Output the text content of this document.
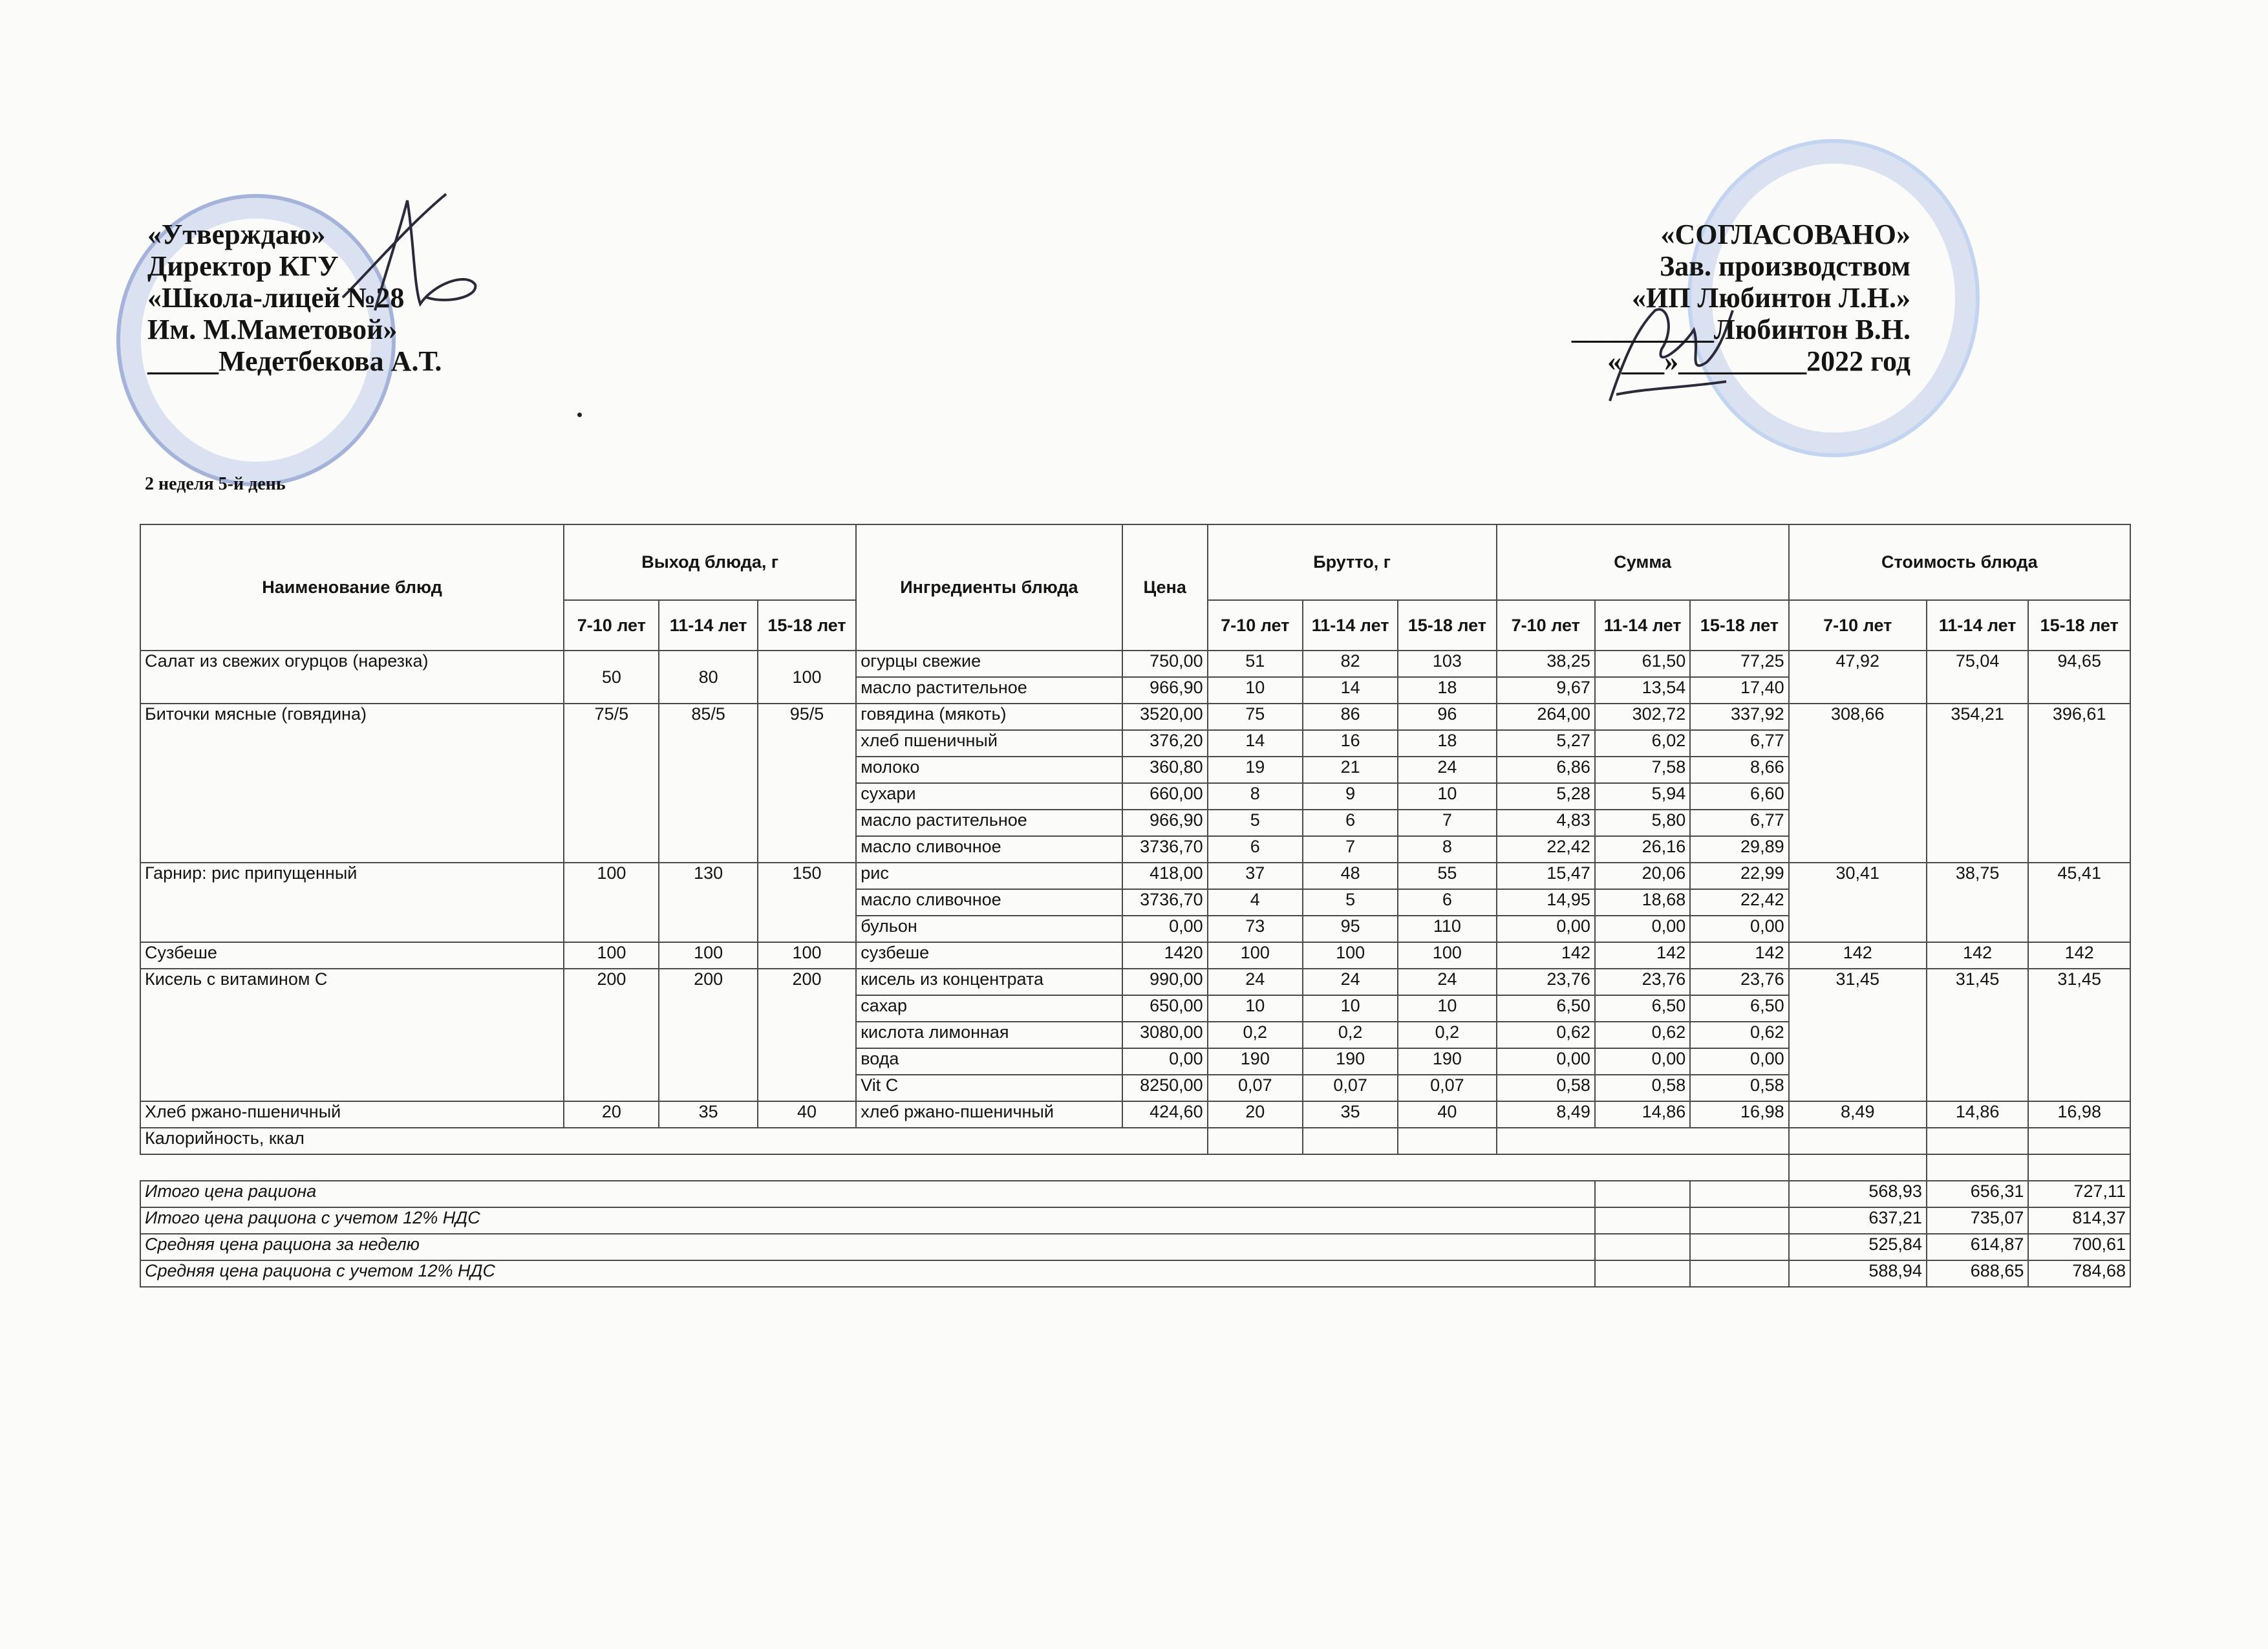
«Утверждаю»
Директор КГУ
«Школа-лицей №28
Им. М.Маметовой»
_____Медетбекова А.Т.
«СОГЛАСОВАНО»
Зав. производством
«ИП Любинтон Л.Н.»
__________Любинтон В.Н.
«___»_________2022 год
2 неделя 5-й день
Наименование блюд	Выход блюда, г			Ингредиенты блюда	Цена	Брутто, г			Сумма			Стоимость блюда		
	7-10 лет	11-14 лет	15-18 лет			7-10 лет	11-14 лет	15-18 лет	7-10 лет	11-14 лет	15-18 лет	7-10 лет	11-14 лет	15-18 лет
Салат из свежих огурцов (нарезка)	50	80	100	огурцы свежие	750,00	51	82	103	38,25	61,50	77,25	47,92	75,04	94,65
				масло растительное	966,90	10	14	18	9,67	13,54	17,40			
Биточки мясные (говядина)	75/5	85/5	95/5	говядина (мякоть)	3520,00	75	86	96	264,00	302,72	337,92	308,66	354,21	396,61
				хлеб пшеничный	376,20	14	16	18	5,27	6,02	6,77			
				молоко	360,80	19	21	24	6,86	7,58	8,66			
				сухари	660,00	8	9	10	5,28	5,94	6,60			
				масло растительное	966,90	5	6	7	4,83	5,80	6,77			
				масло сливочное	3736,70	6	7	8	22,42	26,16	29,89			
Гарнир: рис припущенный	100	130	150	рис	418,00	37	48	55	15,47	20,06	22,99	30,41	38,75	45,41
				масло сливочное	3736,70	4	5	6	14,95	18,68	22,42			
				бульон	0,00	73	95	110	0,00	0,00	0,00			
Сузбеше	100	100	100	сузбеше	1420	100	100	100	142	142	142	142	142	142
Кисель с витамином С	200	200	200	кисель из концентрата	990,00	24	24	24	23,76	23,76	23,76	31,45	31,45	31,45
				сахар	650,00	10	10	10	6,50	6,50	6,50			
				кислота лимонная	3080,00	0,2	0,2	0,2	0,62	0,62	0,62			
				вода	0,00	190	190	190	0,00	0,00	0,00			
				Vit C	8250,00	0,07	0,07	0,07	0,58	0,58	0,58			
Хлеб ржано-пшеничный	20	35	40	хлеб ржано-пшеничный	424,60	20	35	40	8,49	14,86	16,98	8,49	14,86	16,98
Калорийность, ккал														

Итого цена рациона												568,93	656,31	727,11
Итого цена рациона с учетом 12% НДС												637,21	735,07	814,37
Средняя цена рациона за неделю												525,84	614,87	700,61
Средняя цена рациона с учетом 12% НДС												588,94	688,65	784,68
